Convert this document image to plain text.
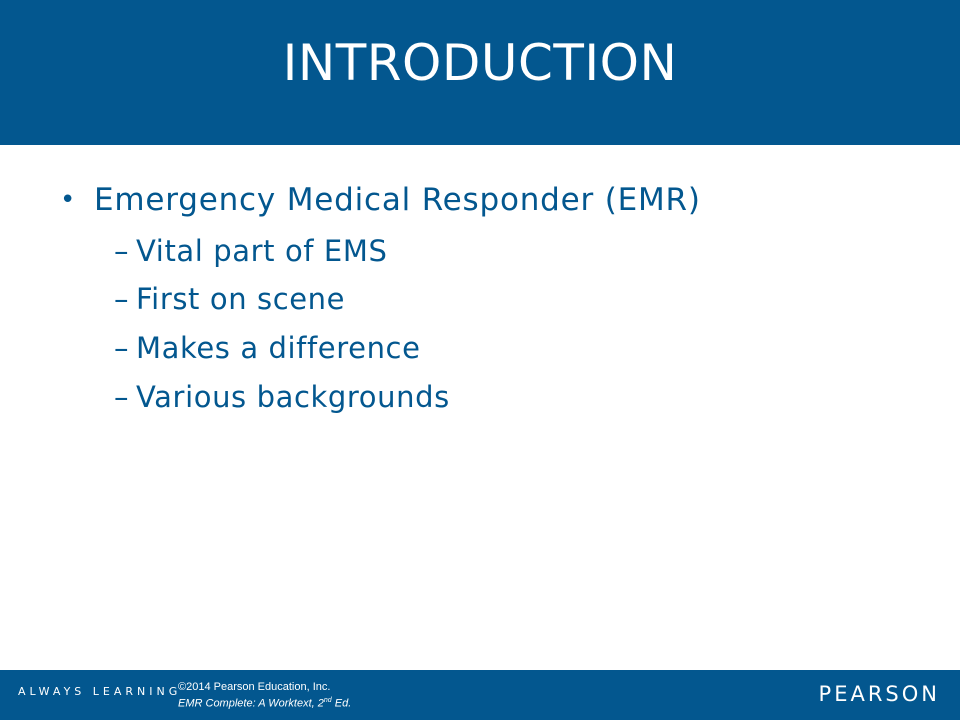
INTRODUCTION
• Emergency Medical Responder (EMR)
– Vital part of EMS
– First on scene
– Makes a difference
– Various backgrounds
ALWAYS LEARNING
©2014 Pearson Education, Inc.
EMR Complete: A Worktext, 2nd Ed.	PEARSON
